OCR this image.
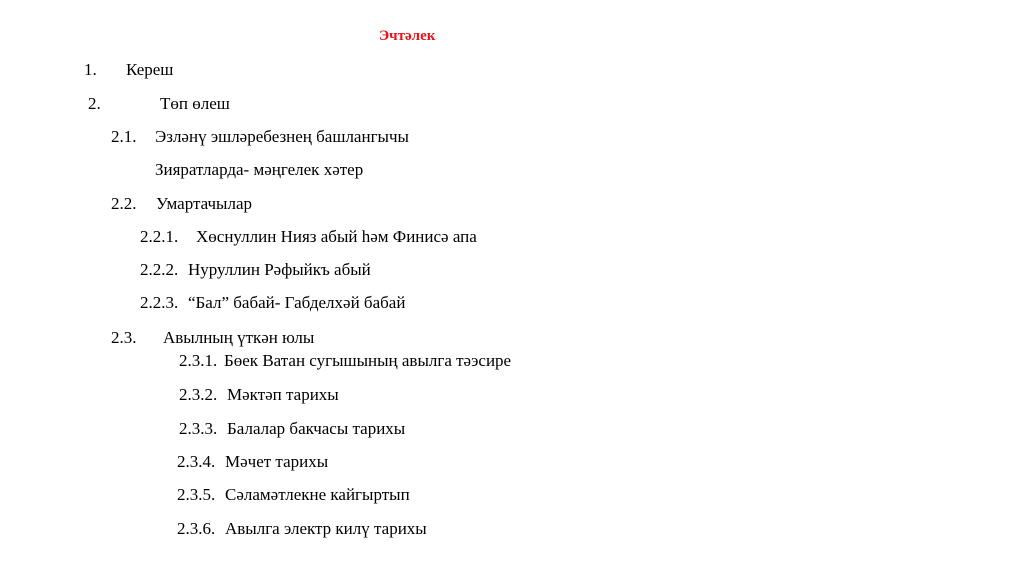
Эчтәлек
1. Кереш
2.	Төп өлеш
2.1. Эзләнү эшләребезнең башлангычы
Зияратларда- мәңгелек хәтер
2.2. Умартачылар
2.2.1. Хөснуллин Нияз абый һәм Финисә апа
2.2.2. Нуруллин Рәфыйкъ абый
2.2.3. “Бал” бабай- Габделхәй бабай
2.3. Авылның үткән юлы
2.3.1. Бөек Ватан сугышының авылга тәэсире
2.3.2. Мәктәп тарихы
2.3.3. Балалар бакчасы тарихы
2.3.4. Мәчет тарихы
2.3.5. Сәламәтлекне кайгыртып
2.3.6. Авылга электр килү тарихы
